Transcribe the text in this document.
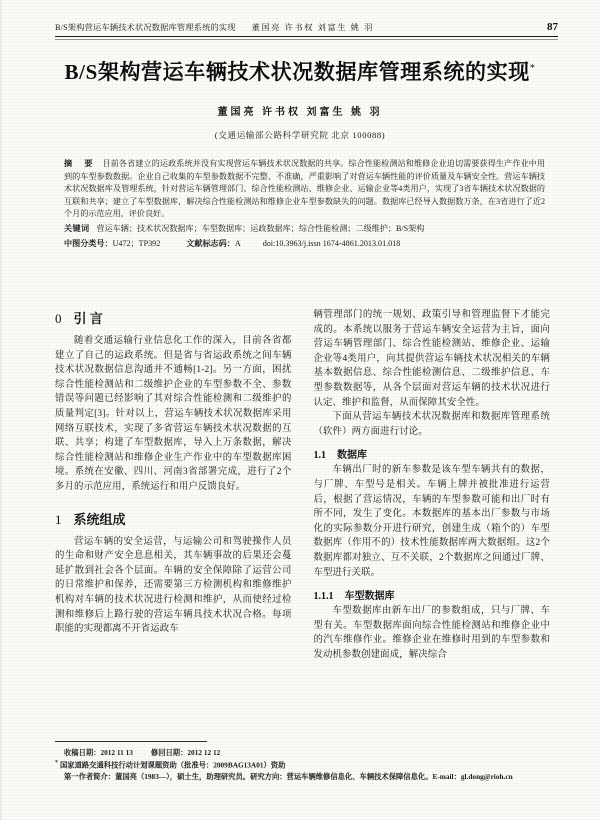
B/S架构营运车辆技术状况数据库管理系统的实现 董国亮 许书权 刘富生 姚 羽	87
B/S架构营运车辆技术状况数据库管理系统的实现*
董国亮 许书权 刘富生 姚 羽
(交通运输部公路科学研究院 北京 100088)
摘 要 目前各省建立的运政系统并没有实现营运车辆技术状况数据的共享。综合性能检测站和维修企业迫切需要获得生产作业中用到的车型参数数据。企业自己收集的车型参数数据不完整、不准确，严重影响了对营运车辆性能的评价质量及车辆安全性。营运车辆技术状况数据库及管理系统，针对营运车辆管理部门、综合性能检测站、维修企业、运输企业等4类用户，实现了3省车辆技术状况数据的互联和共享；建立了车型数据库，解决综合性能检测站和维修企业车型参数缺失的问题。数据库已经导入数据数万条，在3省进行了近2个月的示范应用，评价良好。
关键词 营运车辆；技术状况数据库；车型数据库；运政数据库；综合性能检测；二级维护；B/S架构
中图分类号： U472；TP392	文献标志码： A	doi:10.3963/j.issn 1674-4861.2013.01.018
0 引 言

随着交通运输行业信息化工作的深入，目前各省都建立了自己的运政系统。但是省与省运政系统之间车辆技术状况数据信息沟通并不通畅[1-2]。另一方面，困扰综合性能检测站和二级维护企业的车型参数不全、参数错误等问题已经影响了其对综合性能检测和二级维护的质量判定[3]。针对以上，营运车辆技术状况数据库采用网络互联技术，实现了多省营运车辆技术状况数据的互联、共享；构建了车型数据库，导入上万条数据，解决综合性能检测站和维修企业生产作业中的车型数据库困境。系统在安徽、四川、河南3省部署完成，进行了2个多月的示范应用，系统运行和用户反馈良好。

1 系统组成

营运车辆的安全运营，与运输公司和驾驶操作人员的生命和财产安全息息相关，其车辆事故的后果还会蔓延扩散到社会各个层面。车辆的安全保障除了运营公司的日常维护和保养，还需要第三方检测机构和维修维护机构对车辆的技术状况进行检测和维护，从而使经过检测和维修后上路行驶的营运车辆具技术状况合格。每项职能的实现都离不开省运政车

辆管理部门的统一规划、政策引导和管理监督下才能完成的。本系统以服务于营运车辆安全运营为主旨，面向营运车辆管理部门、综合性能检测站、维修企业、运输企业等4类用户，向其提供营运车辆技术状况相关的车辆基本数据信息、综合性能检测信息、二级维护信息、车型参数数据等，从各个层面对营运车辆的技术状况进行认定、维护和监督，从而保障其安全性。

下面从营运车辆技术状况数据库和数据库管理系统（软件）两方面进行讨论。

1.1 数据库

车辆出厂时的新车参数是该车型车辆共有的数据，与厂牌、车型号是相关。车辆上牌并被批准进行运营后，根据了营运情况，车辆的车型参数可能和出厂时有所不同，发生了变化。本数据库的基本出厂参数与市场化的实际参数分开进行研究，创建生成（箱个的）车型数据库（作用不的）技术性能数据库两大数据组。这2个数据库都对独立、互不关联，2个数据库之间通过厂牌、车型进行关联。

1.1.1 车型数据库

车型数据库由新车出厂的参数组成，只与厂牌、车型有关。车型数据库面向综合性能检测站和维修企业中的汽车维修作业。维修企业在维修时用到的车型参数和发动机参数创建面成，解决综合

收稿日期：2012 11 13 修回日期：2012 12 12
* 国家道路交通科技行动计划课题资助（批准号：2009BAG13A01）资助
第一作者简介：董国亮（1983—），硕士生，助理研究员。研究方向：营运车辆维修信息化、车辆技术保障信息化。E-mail：gl.dong@rioh.cn
